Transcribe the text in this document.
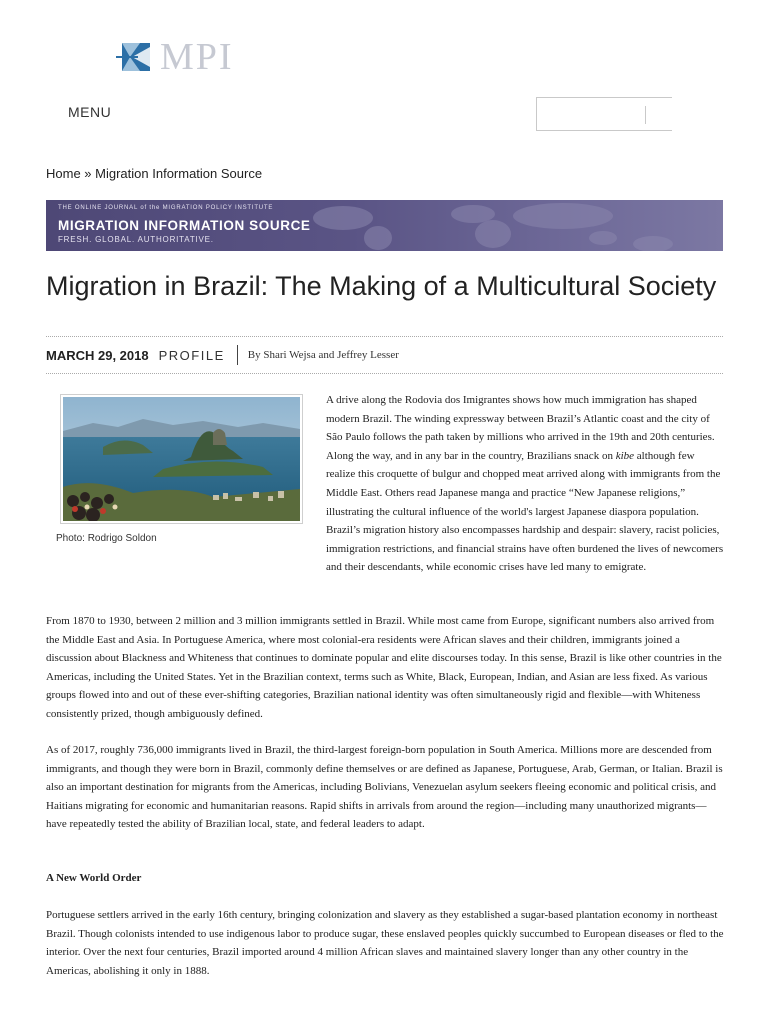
MPI
MENU
Home » Migration Information Source
THE ONLINE JOURNAL of the MIGRATION POLICY INSTITUTE
MIGRATION INFORMATION SOURCE
FRESH. GLOBAL. AUTHORITATIVE.
Migration in Brazil: The Making of a Multicultural Society
MARCH 29, 2018 PROFILE By Shari Wejsa and Jeffrey Lesser
Photo: Rodrigo Soldon

A drive along the Rodovia dos Imigrantes shows how much immigration has shaped modern Brazil. The winding expressway between Brazil’s Atlantic coast and the city of São Paulo follows the path taken by millions who arrived in the 19th and 20th centuries. Along the way, and in any bar in the country, Brazilians snack on kibe although few realize this croquette of bulgur and chopped meat arrived along with immigrants from the Middle East. Others read Japanese manga and practice “New Japanese religions,” illustrating the cultural influence of the world's largest Japanese diaspora population. Brazil’s migration history also encompasses hardship and despair: slavery, racist policies, immigration restrictions, and financial strains have often burdened the lives of newcomers and their descendants, while economic crises have led many to emigrate.

From 1870 to 1930, between 2 million and 3 million immigrants settled in Brazil. While most came from Europe, significant numbers also arrived from the Middle East and Asia. In Portuguese America, where most colonial-era residents were African slaves and their children, immigrants joined a discussion about Blackness and Whiteness that continues to dominate popular and elite discourses today. In this sense, Brazil is like other countries in the Americas, including the United States. Yet in the Brazilian context, terms such as White, Black, European, Indian, and Asian are less fixed. As various groups flowed into and out of these ever-shifting categories, Brazilian national identity was often simultaneously rigid and flexible—with Whiteness consistently prized, though ambiguously defined.

As of 2017, roughly 736,000 immigrants lived in Brazil, the third-largest foreign-born population in South America. Millions more are descended from immigrants, and though they were born in Brazil, commonly define themselves or are defined as Japanese, Portuguese, Arab, German, or Italian. Brazil is also an important destination for migrants from the Americas, including Bolivians, Venezuelan asylum seekers fleeing economic and political crisis, and Haitians migrating for economic and humanitarian reasons. Rapid shifts in arrivals from around the region—including many unauthorized migrants—have repeatedly tested the ability of Brazilian local, state, and federal leaders to adapt.

A New World Order

Portuguese settlers arrived in the early 16th century, bringing colonization and slavery as they established a sugar-based plantation economy in northeast Brazil. Though colonists intended to use indigenous labor to produce sugar, these enslaved peoples quickly succumbed to European diseases or fled to the interior. Over the next four centuries, Brazil imported around 4 million African slaves and maintained slavery longer than any other country in the Americas, abolishing it only in 1888.
